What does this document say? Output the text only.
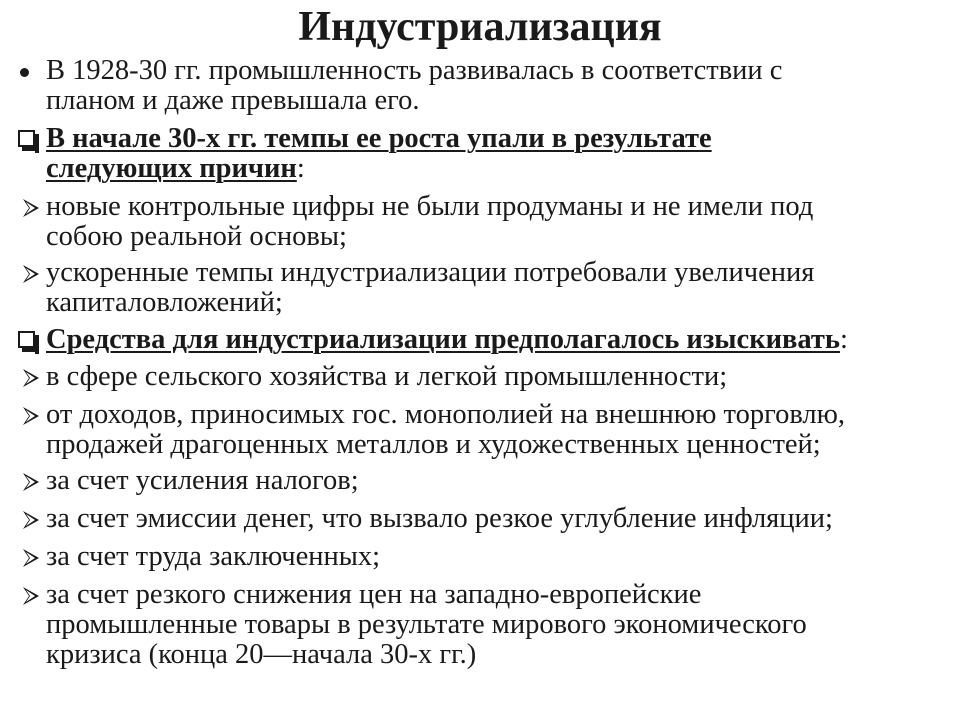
Индустриализация
В 1928-30 гг. промышленность развивалась в соответствии с
планом и даже превышала его.
В начале 30-х гг. темпы ее роста упали в результате
следующих причин:
новые контрольные цифры не были продуманы и не имели под
собою реальной основы;
ускоренные темпы индустриализации потребовали увеличения
капиталовложений;
Средства для индустриализации предполагалось изыскивать:
в сфере сельского хозяйства и легкой промышленности;
от доходов, приносимых гос. монополией на внешнюю торговлю,
продажей драгоценных металлов и художественных ценностей;
за счет усиления налогов;
за счет эмиссии денег, что вызвало резкое углубление инфляции;
за счет труда заключенных;
за счет резкого снижения цен на западно-европейские
промышленные товары в результате мирового экономического
кризиса (конца 20—начала 30-х гг.)
